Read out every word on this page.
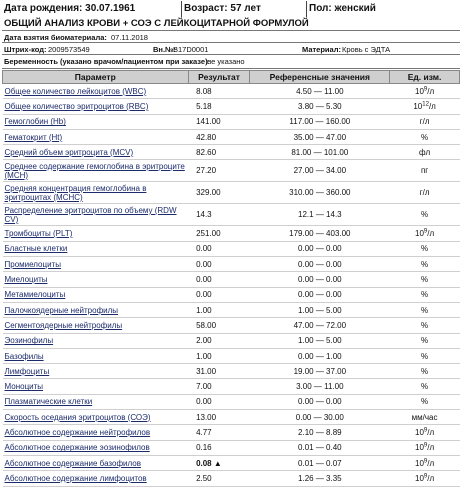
Дата рождения: 30.07.1961	Возраст: 57 лет	Пол: женский
ОБЩИЙ АНАЛИЗ КРОВИ + СОЭ С ЛЕЙКОЦИТАРНОЙ ФОРМУЛОЙ
Дата взятия биоматериала: 07.11.2018
Штрих-код: 2009573549	Вн.№:
B17D0001	Материал: Кровь с ЭДТА
Беременность (указано врачом/пациентом при заказе):
не указано
Параметр	Результат	Референсные значения	Ед. изм.
Общее количество лейкоцитов (WBC)	8.08	4.50 — 11.00	$10^9/л$
Общее количество эритроцитов (RBC)	5.18	3.80 — 5.30	$10^{12}/л$
Гемоглобин (Hb)	141.00	117.00 — 160.00	г/л
Гематокрит (Ht)	42.80	35.00 — 47.00	%
Средний объем эритроцита (MCV)	82.60	81.00 — 101.00	фл
Среднее содержание гемоглобина в эритроците (MCH)	27.20	27.00 — 34.00	пг
Средняя концентрация гемоглобина в эритроцитах (MCHC)	329.00	310.00 — 360.00	г/л
Распределение эритроцитов по объему (RDW CV)	14.3	12.1 — 14.3	%
Тромбоциты (PLT)	251.00	179.00 — 403.00	$10^9/л$
Бластные клетки	0.00	0.00 — 0.00	%
Промиелоциты	0.00	0.00 — 0.00	%
Миелоциты	0.00	0.00 — 0.00	%
Метамиелоциты	0.00	0.00 — 0.00	%
Палочкоядерные нейтрофилы	1.00	1.00 — 5.00	%
Сегментоядерные нейтрофилы	58.00	47.00 — 72.00	%
Эозинофилы	2.00	1.00 — 5.00	%
Базофилы	1.00	0.00 — 1.00	%
Лимфоциты	31.00	19.00 — 37.00	%
Моноциты	7.00	3.00 — 11.00	%
Плазматические клетки	0.00	0.00 — 0.00	%
Скорость оседания эритроцитов (СОЭ)	13.00	0.00 — 30.00	мм/час
Абсолютное содержание нейтрофилов	4.77	2.10 — 8.89	$10^9/л$
Абсолютное содержание эозинофилов	0.16	0.01 — 0.40	$10^9/л$
Абсолютное содержание базофилов	0.08 ▲	0.01 — 0.07	$10^9/л$
Абсолютное содержание лимфоцитов	2.50	1.26 — 3.35	$10^9/л$
